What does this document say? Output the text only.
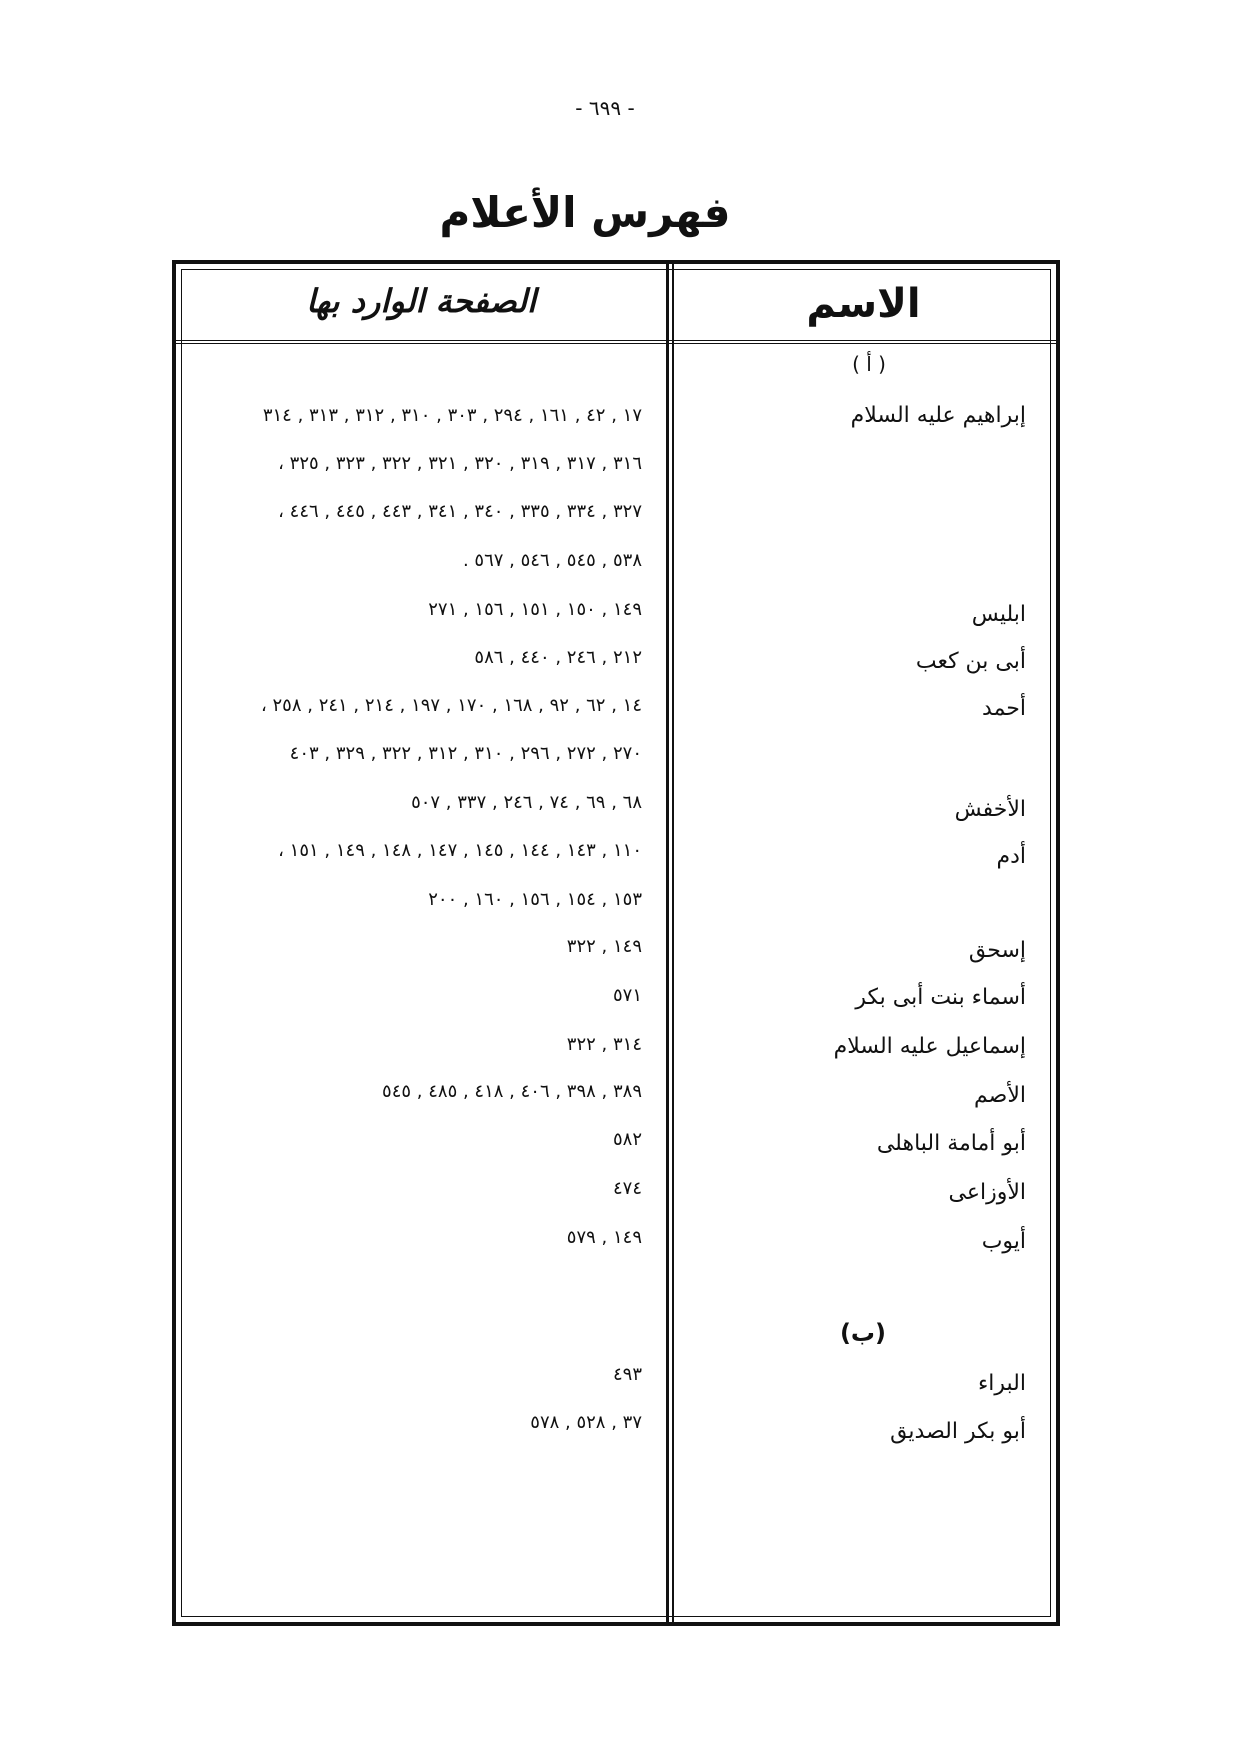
- ٦٩٩ -
فهرس الأعلام
الاسم
الصفحة الوارد بها
( أ )
إبراهيم عليه السلام
١٧ , ٤٢ , ١٦١ , ٢٩٤ , ٣٠٣ , ٣١٠ , ٣١٢ , ٣١٣ , ٣١٤
٣١٦ , ٣١٧ , ٣١٩ , ٣٢٠ , ٣٢١ , ٣٢٢ , ٣٢٣ , ٣٢٥ ،
٣٢٧ , ٣٣٤ , ٣٣٥ , ٣٤٠ , ٣٤١ , ٤٤٣ , ٤٤٥ , ٤٤٦ ،
٥٣٨ , ٥٤٥ , ٥٤٦ , ٥٦٧ .
ابليس
١٤٩ , ١٥٠ , ١٥١ , ١٥٦ , ٢٧١
أبى بن كعب
٢١٢ , ٢٤٦ , ٤٤٠ , ٥٨٦
أحمد
١٤ , ٦٢ , ٩٢ , ١٦٨ , ١٧٠ , ١٩٧ , ٢١٤ , ٢٤١ , ٢٥٨ ،
٢٧٠ , ٢٧٢ , ٢٩٦ , ٣١٠ , ٣١٢ , ٣٢٢ , ٣٢٩ , ٤٠٣
الأخفش
٦٨ , ٦٩ , ٧٤ , ٢٤٦ , ٣٣٧ , ٥٠٧
أدم
١١٠ , ١٤٣ , ١٤٤ , ١٤٥ , ١٤٧ , ١٤٨ , ١٤٩ , ١٥١ ،
١٥٣ , ١٥٤ , ١٥٦ , ١٦٠ , ٢٠٠
إسحق
١٤٩ , ٣٢٢
أسماء بنت أبى بكر
٥٧١
إسماعيل عليه السلام
٣١٤ , ٣٢٢
الأصم
٣٨٩ , ٣٩٨ , ٤٠٦ , ٤١٨ , ٤٨٥ , ٥٤٥
أبو أمامة الباهلى
٥٨٢
الأوزاعى
٤٧٤
أيوب
١٤٩ , ٥٧٩
(ب)
البراء
٤٩٣
أبو بكر الصديق
٣٧ , ٥٢٨ , ٥٧٨
